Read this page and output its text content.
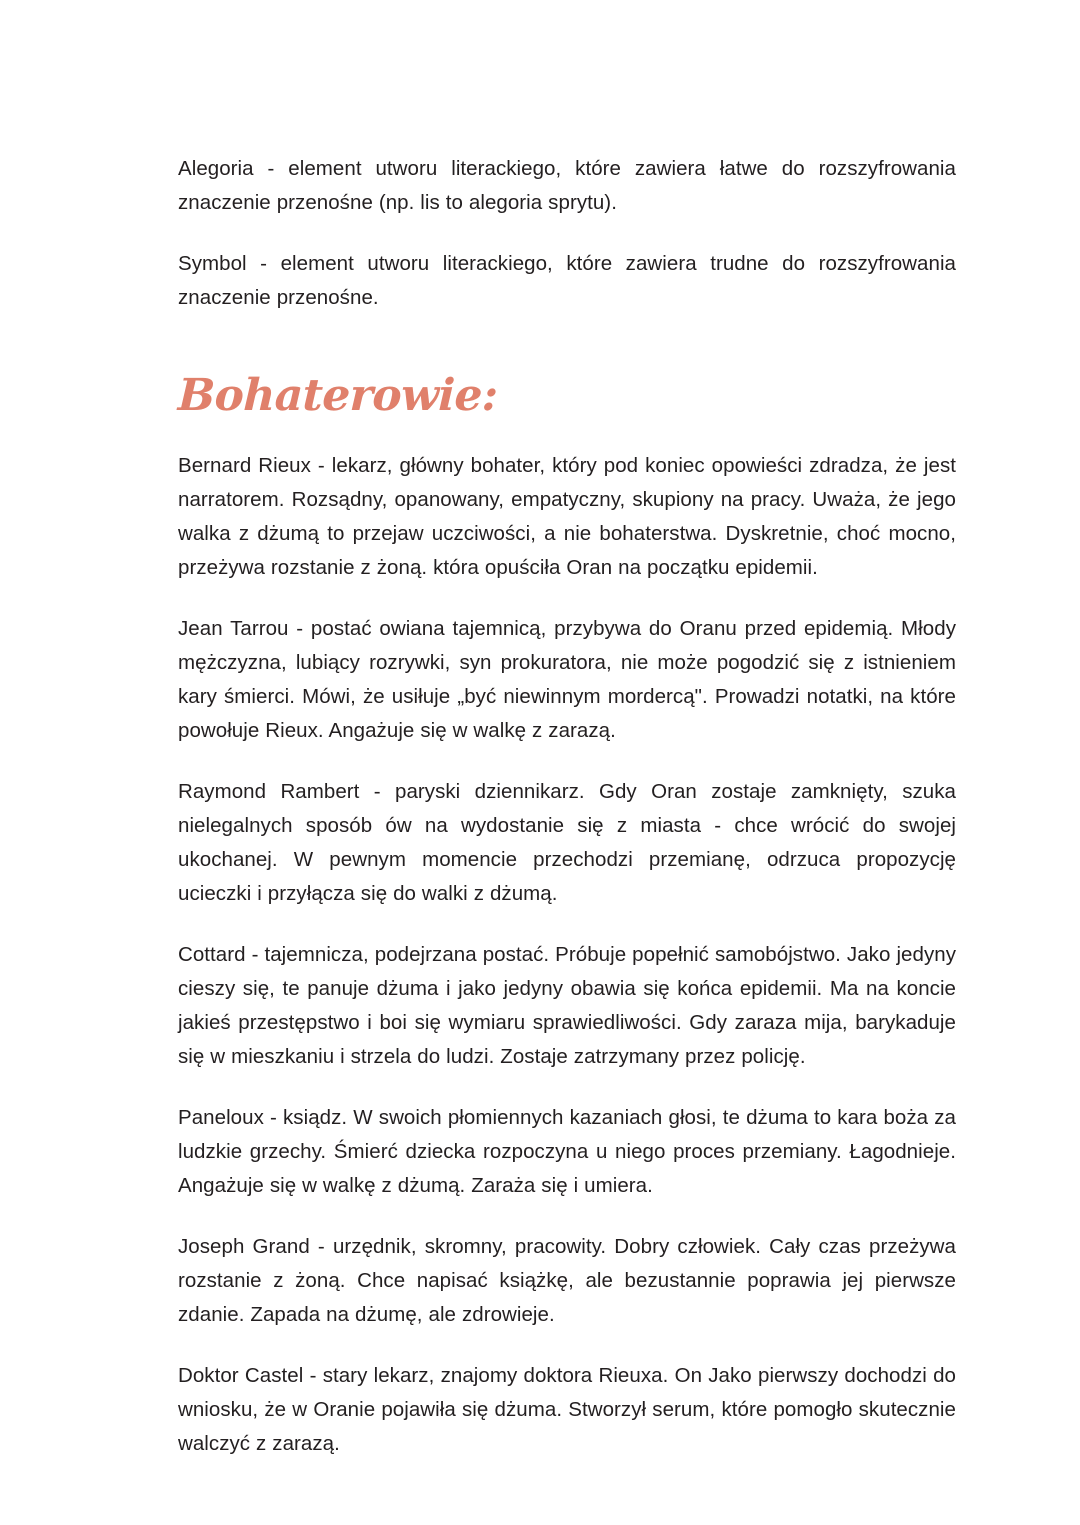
Alegoria - element utworu literackiego, które zawiera łatwe do rozszyfrowania znaczenie przenośne (np. lis to alegoria sprytu).

Symbol - element utworu literackiego, które zawiera trudne do rozszyfrowania znaczenie przenośne.

Bohaterowie:

Bernard Rieux - lekarz, główny bohater, który pod koniec opowieści zdradza, że jest narratorem. Rozsądny, opanowany, empatyczny, skupiony na pracy. Uważa, że jego walka z dżumą to przejaw uczciwości, a nie bohaterstwa. Dyskretnie, choć mocno, przeżywa rozstanie z żoną. która opuściła Oran na początku epidemii.

Jean Tarrou - postać owiana tajemnicą, przybywa do Oranu przed epidemią. Młody mężczyzna, lubiący rozrywki, syn prokuratora, nie może pogodzić się z istnieniem kary śmierci. Mówi, że usiłuje „być niewinnym mordercą". Prowadzi notatki, na które powołuje Rieux. Angażuje się w walkę z zarazą.

Raymond Rambert - paryski dziennikarz. Gdy Oran zostaje zamknięty, szuka nielegalnych sposób ów na wydostanie się z miasta - chce wrócić do swojej ukochanej. W pewnym momencie przechodzi przemianę, odrzuca propozycję ucieczki i przyłącza się do walki z dżumą.

Cottard - tajemnicza, podejrzana postać. Próbuje popełnić samobójstwo. Jako jedyny cieszy się, te panuje dżuma i jako jedyny obawia się końca epidemii. Ma na koncie jakieś przestępstwo i boi się wymiaru sprawiedliwości. Gdy zaraza mija, barykaduje się w mieszkaniu i strzela do ludzi. Zostaje zatrzymany przez policję.

Paneloux - ksiądz. W swoich płomiennych kazaniach głosi, te dżuma to kara boża za ludzkie grzechy. Śmierć dziecka rozpoczyna u niego proces przemiany. Łagodnieje. Angażuje się w walkę z dżumą. Zaraża się i umiera.

Joseph Grand - urzędnik, skromny, pracowity. Dobry człowiek. Cały czas przeżywa rozstanie z żoną. Chce napisać książkę, ale bezustannie poprawia jej pierwsze zdanie. Zapada na dżumę, ale zdrowieje.

Doktor Castel - stary lekarz, znajomy doktora Rieuxa. On Jako pierwszy dochodzi do wniosku, że w Oranie pojawiła się dżuma. Stworzył serum, które pomogło skutecznie walczyć z zarazą.
